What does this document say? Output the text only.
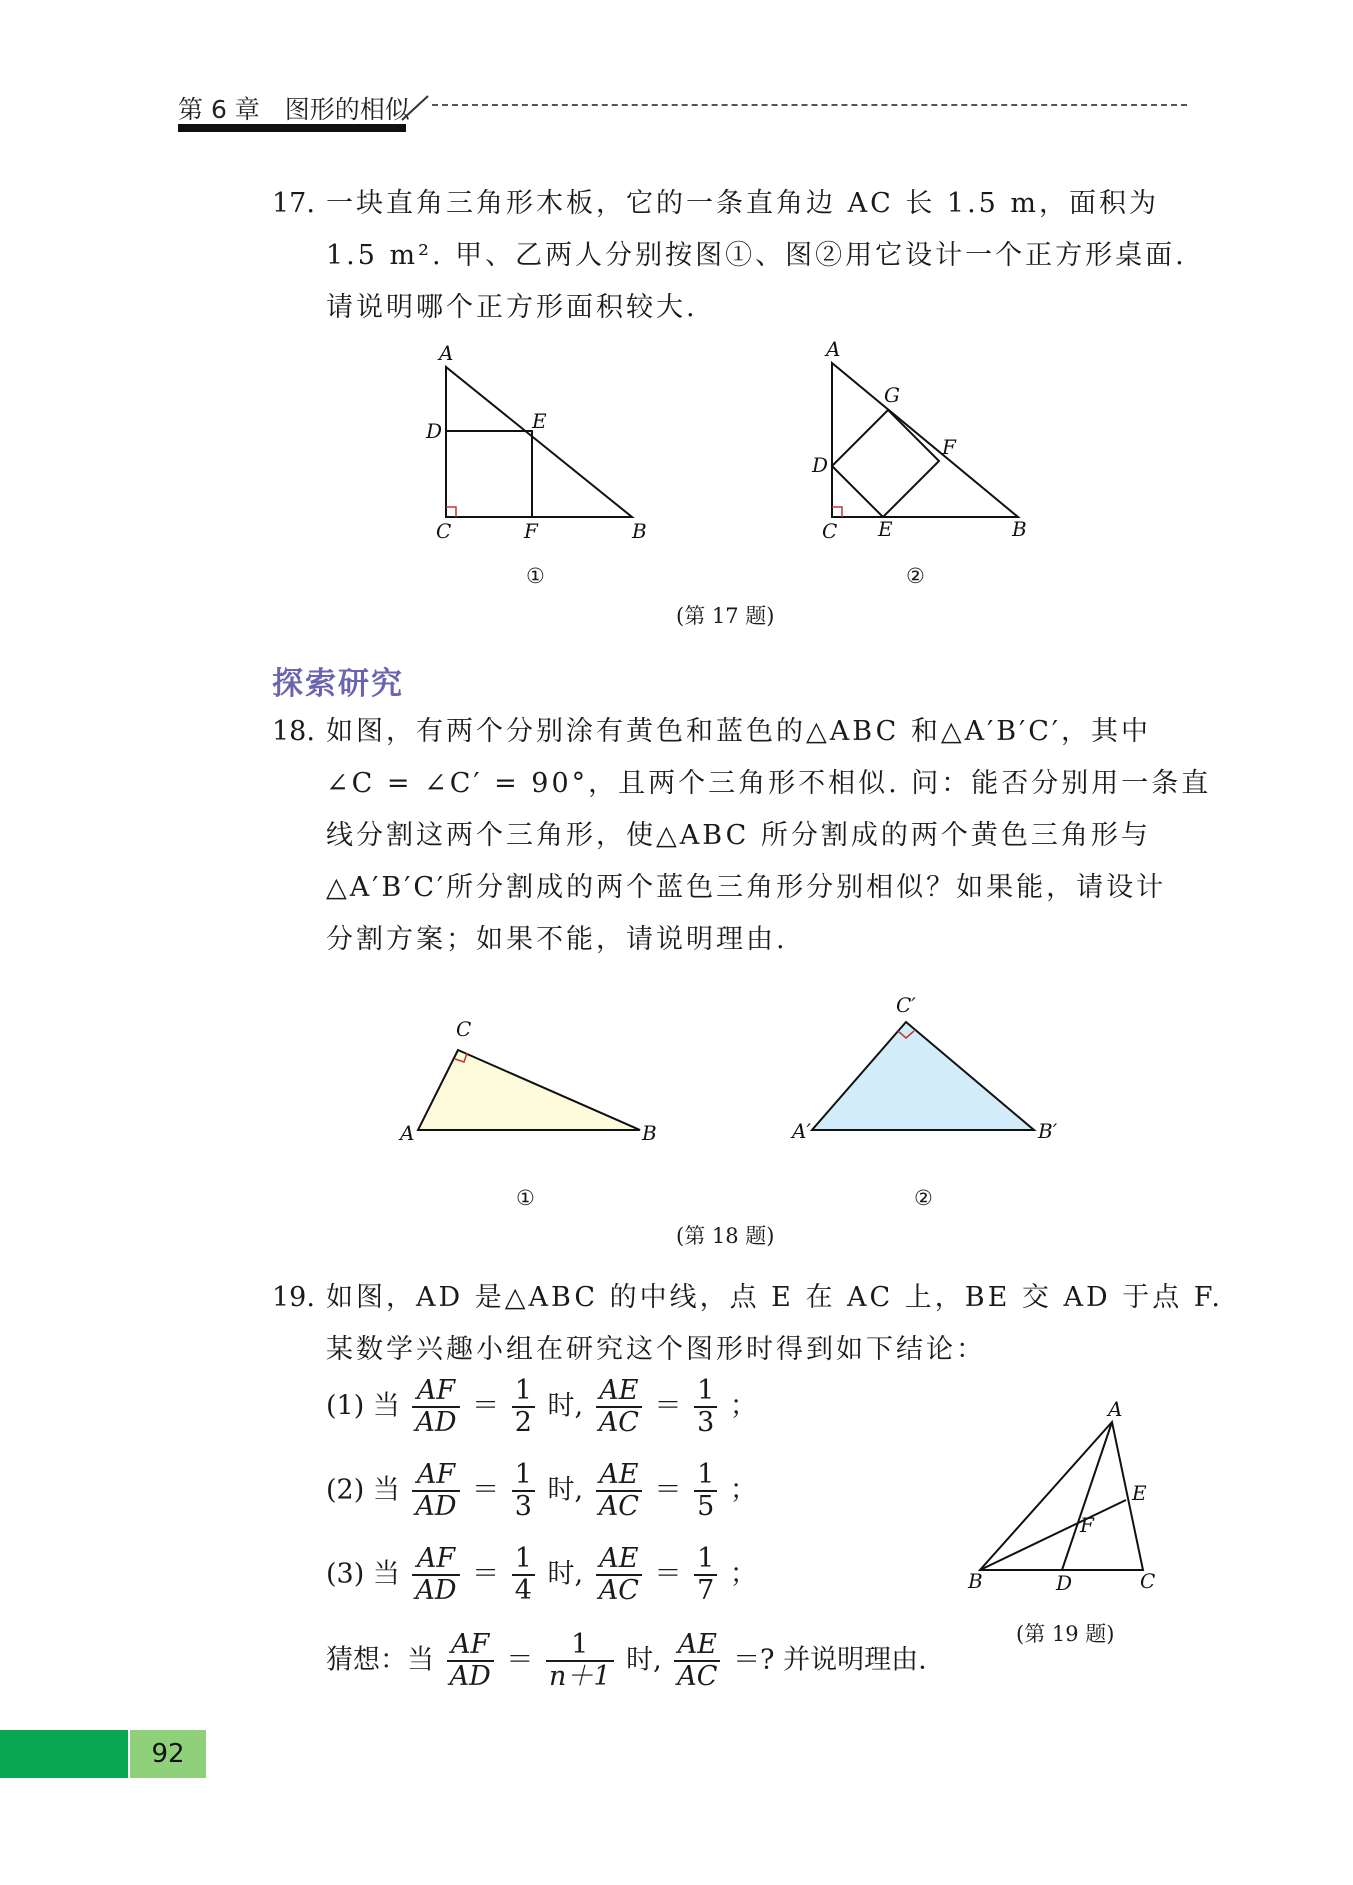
第 6 章　图形的相似
17. 一块直角三角形木板，它的一条直角边 AC 长 1.5 m，面积为
1.5 m². 甲、乙两人分别按图①、图②用它设计一个正方形桌面.
请说明哪个正方形面积较大.
A
D	E
C	F	B
①
A
G
F
D
C E	B
②
(第 17 题)
探索研究
18. 如图，有两个分别涂有黄色和蓝色的△ABC 和△A′B′C′，其中
∠C = ∠C′ = 90°，且两个三角形不相似. 问：能否分别用一条直
线分割这两个三角形，使△ABC 所分割成的两个黄色三角形与
△A′B′C′所分割成的两个蓝色三角形分别相似？如果能，请设计
分割方案；如果不能，请说明理由.
C
A	B
①
C′
A′	B′
②
(第 18 题)
19. 如图，AD 是△ABC 的中线，点 E 在 AC 上，BE 交 AD 于点 F.
某数学兴趣小组在研究这个图形时得到如下结论：
(1) 当 $\frac{AF}{AD} = \frac{1}{2}$ 时, $\frac{AE}{AC} = \frac{1}{3}$ ；
(2) 当 $\frac{AF}{AD} = \frac{1}{3}$ 时, $\frac{AE}{AC} = \frac{1}{5}$ ；
(3) 当 $\frac{AF}{AD} = \frac{1}{4}$ 时, $\frac{AE}{AC} = \frac{1}{7}$ ；
猜想：当 $\frac{AF}{AD} = \frac{1}{n+1}$ 时, $\frac{AE}{AC}$ ＝? 并说明理由.
A
E
F
B	D	C
(第 19 题)
92
